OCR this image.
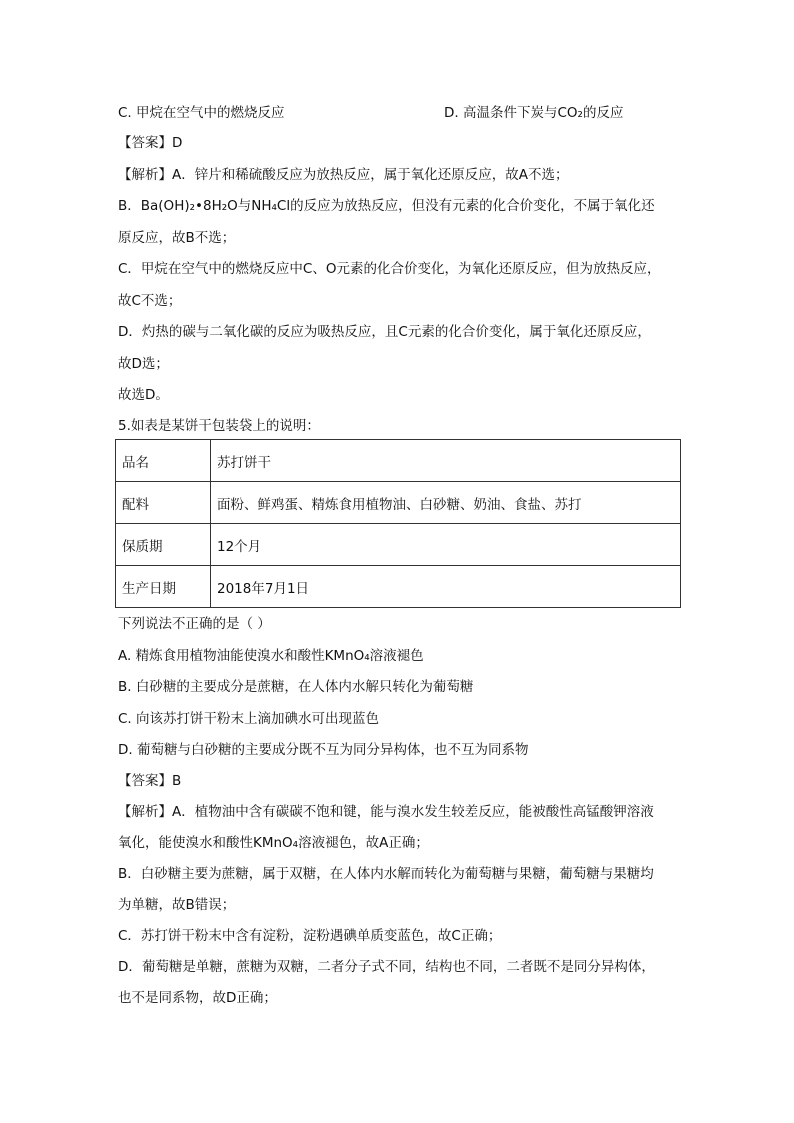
C. 甲烷在空气中的燃烧反应	D. 高温条件下炭与CO₂的反应
【答案】D
【解析】A．锌片和稀硫酸反应为放热反应，属于氧化还原反应，故A不选；
B．Ba(OH)₂•8H₂O与NH₄Cl的反应为放热反应，但没有元素的化合价变化，不属于氧化还
原反应，故B不选；
C．甲烷在空气中的燃烧反应中C、O元素的化合价变化，为氧化还原反应，但为放热反应，
故C不选；
D．灼热的碳与二氧化碳的反应为吸热反应，且C元素的化合价变化，属于氧化还原反应，
故D选；
故选D。
5.如表是某饼干包装袋上的说明：
品名	苏打饼干
配料	面粉、鲜鸡蛋、精炼食用植物油、白砂糖、奶油、食盐、苏打
保质期	12个月
生产日期	2018年7月1日
下列说法不正确的是（ ）
A. 精炼食用植物油能使溴水和酸性KMnO₄溶液褪色
B. 白砂糖的主要成分是蔗糖，在人体内水解只转化为葡萄糖
C. 向该苏打饼干粉末上滴加碘水可出现蓝色
D. 葡萄糖与白砂糖的主要成分既不互为同分异构体，也不互为同系物
【答案】B
【解析】A．植物油中含有碳碳不饱和键，能与溴水发生较差反应，能被酸性高锰酸钾溶液
氧化，能使溴水和酸性KMnO₄溶液褪色，故A正确；
B．白砂糖主要为蔗糖，属于双糖，在人体内水解而转化为葡萄糖与果糖，葡萄糖与果糖均
为单糖，故B错误；
C．苏打饼干粉末中含有淀粉，淀粉遇碘单质变蓝色，故C正确；
D．葡萄糖是单糖，蔗糖为双糖，二者分子式不同，结构也不同，二者既不是同分异构体，
也不是同系物，故D正确；
